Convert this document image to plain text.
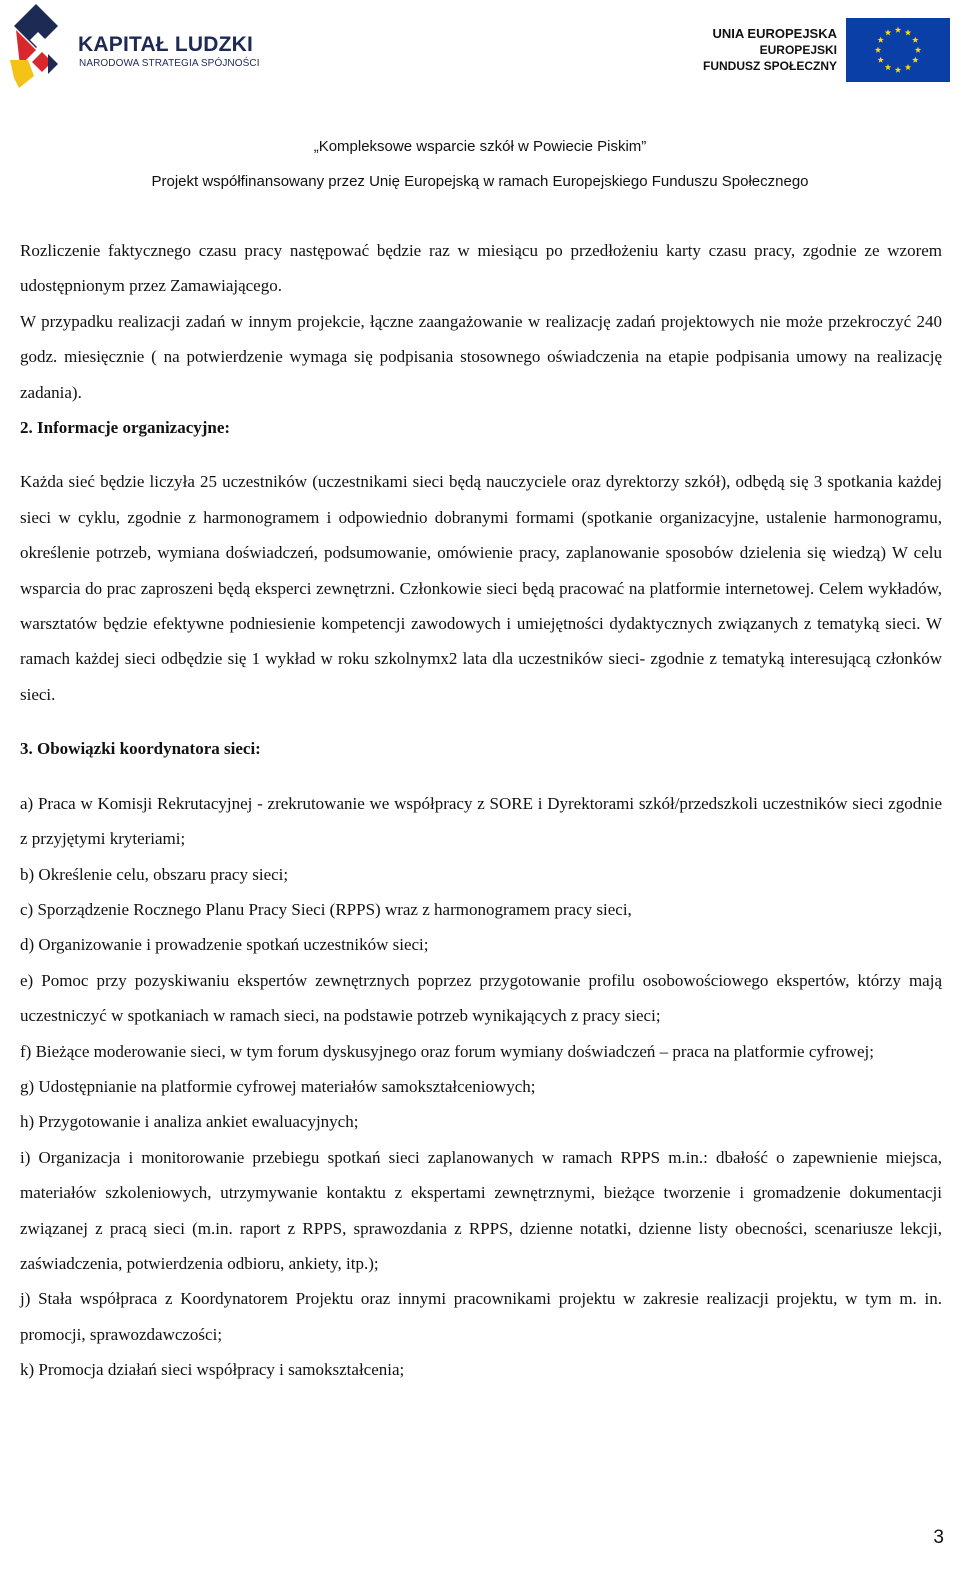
KAPITAŁ LUDZKI
NARODOWA STRATEGIA SPÓJNOŚCI
UNIA EUROPEJSKA
EUROPEJSKI
FUNDUSZ SPOŁECZNY
„Kompleksowe wsparcie szkół w Powiecie Piskim”
Projekt współfinansowany przez Unię Europejską w ramach Europejskiego Funduszu Społecznego

Rozliczenie faktycznego czasu pracy następować będzie raz w miesiącu po przedłożeniu karty czasu pracy, zgodnie ze wzorem udostępnionym przez Zamawiającego.

W przypadku realizacji zadań w innym projekcie, łączne zaangażowanie w realizację zadań projektowych nie może przekroczyć 240 godz. miesięcznie ( na potwierdzenie wymaga się podpisania stosownego oświadczenia na etapie podpisania umowy na realizację zadania).

2. Informacje organizacyjne:

Każda sieć będzie liczyła 25 uczestników (uczestnikami sieci będą nauczyciele oraz dyrektorzy szkół), odbędą się 3 spotkania każdej sieci w cyklu, zgodnie z harmonogramem i odpowiednio dobranymi formami (spotkanie organizacyjne, ustalenie harmonogramu, określenie potrzeb, wymiana doświadczeń, podsumowanie, omówienie pracy, zaplanowanie sposobów dzielenia się wiedzą) W celu wsparcia do prac zaproszeni będą eksperci zewnętrzni. Członkowie sieci będą pracować na platformie internetowej. Celem wykładów, warsztatów będzie efektywne podniesienie kompetencji zawodowych i umiejętności dydaktycznych związanych z tematyką sieci. W ramach każdej sieci odbędzie się 1 wykład w roku szkolnymx2 lata dla uczestników sieci- zgodnie z tematyką interesującą członków sieci.

3. Obowiązki koordynatora sieci:

a) Praca w Komisji Rekrutacyjnej - zrekrutowanie we współpracy z SORE i Dyrektorami szkół/przedszkoli uczestników sieci zgodnie z przyjętymi kryteriami;

b) Określenie celu, obszaru pracy sieci;

c) Sporządzenie Rocznego Planu Pracy Sieci (RPPS) wraz z harmonogramem pracy sieci,

d) Organizowanie i prowadzenie spotkań uczestników sieci;

e) Pomoc przy pozyskiwaniu ekspertów zewnętrznych poprzez przygotowanie profilu osobowościowego ekspertów, którzy mają uczestniczyć w spotkaniach w ramach sieci, na podstawie potrzeb wynikających z pracy sieci;

f) Bieżące moderowanie sieci, w tym forum dyskusyjnego oraz forum wymiany doświadczeń – praca na platformie cyfrowej;

g) Udostępnianie na platformie cyfrowej materiałów samokształceniowych;

h) Przygotowanie i analiza ankiet ewaluacyjnych;

i) Organizacja i monitorowanie przebiegu spotkań sieci zaplanowanych w ramach RPPS m.in.: dbałość o zapewnienie miejsca, materiałów szkoleniowych, utrzymywanie kontaktu z ekspertami zewnętrznymi, bieżące tworzenie i gromadzenie dokumentacji związanej z pracą sieci (m.in. raport z RPPS, sprawozdania z RPPS, dzienne notatki, dzienne listy obecności, scenariusze lekcji, zaświadczenia, potwierdzenia odbioru, ankiety, itp.);

j) Stała współpraca z Koordynatorem Projektu oraz innymi pracownikami projektu w zakresie realizacji projektu, w tym m. in. promocji, sprawozdawczości;

k) Promocja działań sieci współpracy i samokształcenia;

3
